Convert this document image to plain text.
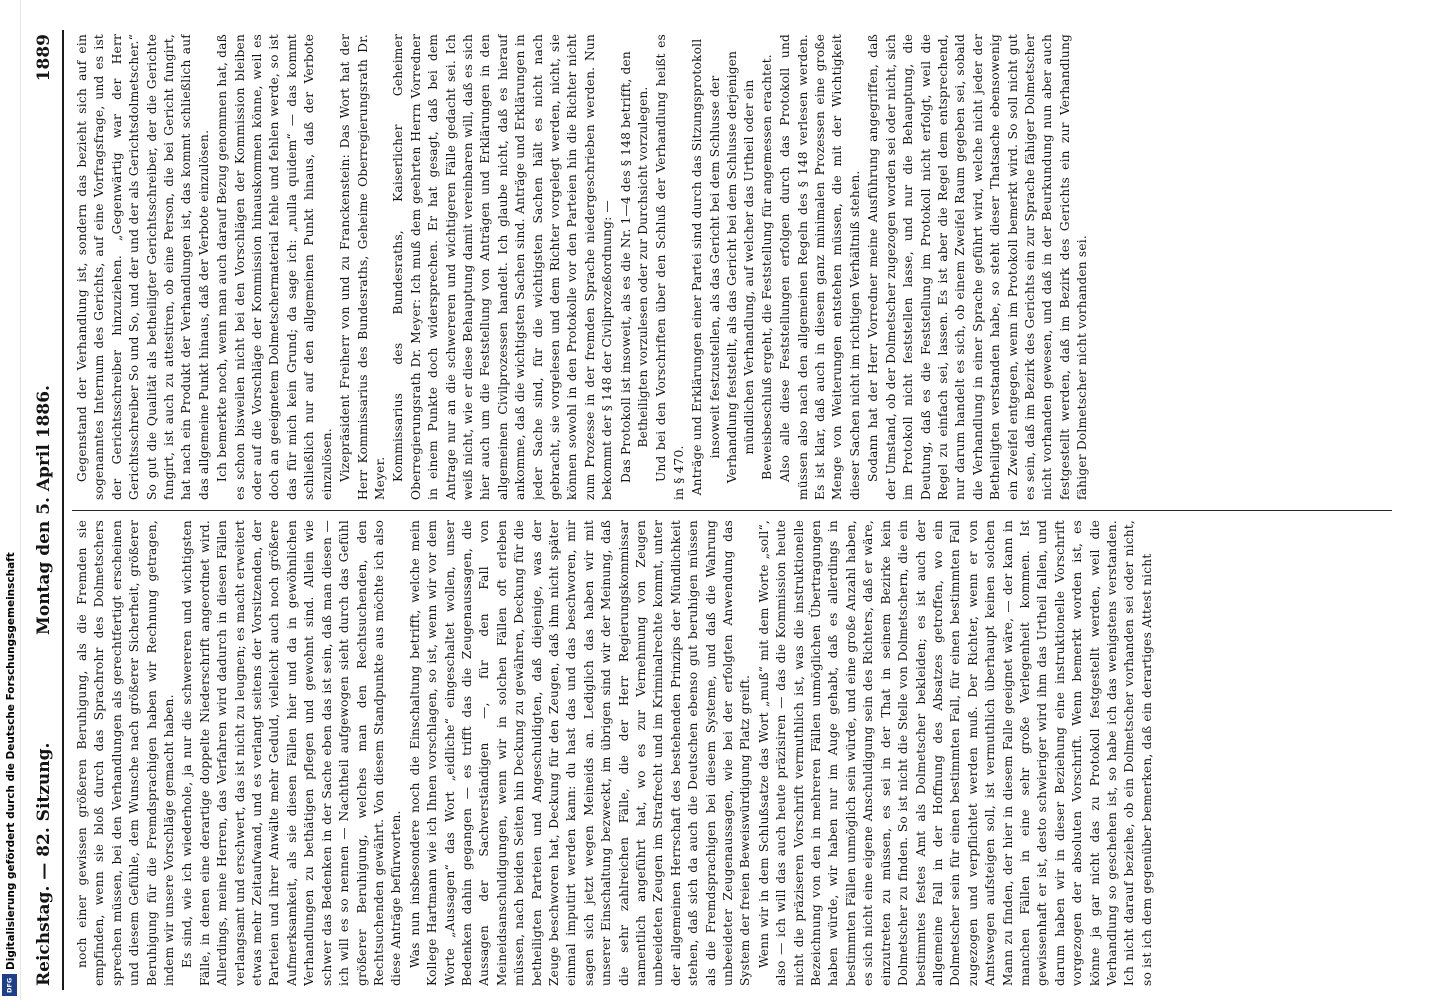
Digitalisierung gefördert durch die Deutsche Forschungsgemeinschaft
DFG Reichstag. — 82. Sitzung.
Montag den 5. April 1886.
1889

noch einer gewissen größeren Beruhigung, als die Fremden sie empfinden, wenn sie bloß durch das Sprachrohr des Dolmetschers sprechen müssen, bei den Verhandlungen als gerechtfertigt erscheinen und diesem Gefühle, dem Wunsche nach größerer Sicherheit, größerer Beruhigung für die Fremdsprachigen haben wir Rechnung getragen, indem wir unsere Vorschläge gemacht haben. Es sind, wie ich wiederhole, ja nur die schwereren und wichtigsten Fälle, in denen eine derartige doppelte Niederschrift angeordnet wird. Allerdings, meine Herren, das Verfahren wird dadurch in diesen Fällen verlangsamt und erschwert, das ist nicht zu leugnen; es macht erweitert etwas mehr Zeitaufwand, und es verlangt seitens der Vorsitzenden, der Parteien und ihrer Anwälte mehr Geduld, vielleicht auch noch größere Aufmerksamkeit, als sie diesen Fällen hier und da in gewöhnlichen Verhandlungen zu bethätigen pflegen und gewohnt sind. Allein wie schwer das Bedenken in der Sache eben das ist sein, daß man diesen — ich will es so nennen — Nachtheil aufgewogen sieht durch das Gefühl größerer Beruhigung, welches man den Rechtsuchenden, den Rechtsuchenden gewährt. Von diesem Standpunkte aus möchte ich also diese Anträge befürworten. Was nun insbesondere noch die Einschaltung betrifft, welche mein Kollege Hartmann wie ich Ihnen vorschlagen, so ist, wenn wir vor dem Worte „Aussagen“ das Wort „eidliche“ eingeschaltet wollen, unser Bedenken dahin gegangen — es trifft das die Zeugenaussagen, die Aussagen der Sachverständigen —, für den Fall von Meineidsanschuldigungen, wenn wir in solchen Fällen oft erleben müssen, nach beiden Seiten hin Deckung zu gewähren, Deckung für die betheiligten Parteien und Angeschuldigten, daß diejenige, was der Zeuge beschworen hat, Deckung für den Zeugen, daß ihm nicht später einmal imputirt werden kann: du hast das und das beschworen, mir sagen sich jetzt wegen Meineids an. Lediglich das haben wir mit unserer Einschaltung bezweckt, im übrigen sind wir der Meinung, daß die sehr zahlreichen Fälle, die der Herr Regierungskommissar namentlich angeführt hat, wo es zur Vernehmung von Zeugen unbeeideten Zeugen im Strafrecht und im Kriminalrechte kommt, unter der allgemeinen Herrschaft des bestehenden Prinzips der Mündlichkeit stehen, daß sich da auch die Deutschen ebenso gut beruhigen müssen als die Fremdsprachigen bei diesem Systeme, und daß die Wahrung unbeeideter Zeugenaussagen, wie bei der erfolgten Anwendung das System der freien Beweiswürdigung Platz greift. Wenn wir in dem Schlußsatze das Wort „muß“ mit dem Worte „soll“, also — ich will das auch heute präzisiren — das die Kommission heute nicht die präziseren Vorschrift vermuthlich ist, was die instruktionelle Bezeichnung von den in mehreren Fällen unmöglichen Übertragungen haben würde, wir haben nur im Auge gehabt, daß es allerdings in bestimmten Fällen unmöglich sein würde, und eine große Anzahl haben, es sich nicht eine eigene Anschuldigung sein des Richters, daß er wäre, einzutreten zu müssen, es sei in der That in seinem Bezirke kein Dolmetscher zu finden. So ist nicht die Stelle von Dolmetschern, die ein bestimmtes festes Amt als Dolmetscher bekleiden; es ist auch der allgemeine Fall in der Hoffnung des Absatzes getroffen, wo ein Dolmetscher sein für einen bestimmten Fall, für einen bestimmten Fall zugezogen und verpflichtet werden muß. Der Richter, wenn er von Amtswegen aufsteigen soll, ist vermuthlich überhaupt keinen solchen Mann zu finden, der hier in diesem Falle geeignet wäre, — der kann in manchen Fällen in eine sehr große Verlegenheit kommen. Ist gewissenhaft er ist, desto schwieriger wird ihm das Urtheil fallen, und darum haben wir in dieser Beziehung eine instruktionelle Vorschrift vorgezogen der absoluten Vorschrift. Wenn bemerkt worden ist, es könne ja gar nicht das zu Protokoll festgestellt werden, weil die Verhandlung so geschehen ist, so habe ich das wenigstens verstanden. Ich nicht darauf beziehe, ob ein Dolmetscher vorhanden sei oder nicht, so ist ich dem gegenüber bemerken, daß ein derartiges Attest nicht

Gegenstand der Verhandlung ist, sondern das bezieht sich auf ein sogenanntes Internum des Gerichts, auf eine Vorfragsfrage, und es ist der Gerichtsschreiber hinzuziehen. „Gegenwärtig war der Herr Gerichtsschreiber So und So, und der und der als Gerichtsdolmetscher.“ So gut die Qualität als betheiligter Gerichtsschreiber, der die Gerichte fungirt, ist auch zu attestiren, ob eine Person, die bei Gericht fungirt, hat nach ein Produkt der Verhandlungen ist, das kommt schließlich auf das allgemeine Punkt hinaus, daß der Verbote einzulösen. Ich bemerkte noch, wenn man auch darauf Bezug genommen hat, daß es schon bisweilen nicht bei den Vorschlägen der Kommission bleiben oder auf die Vorschläge der Kommission hinauskommen könne, weil es doch an geeignetem Dolmetschermaterial fehle und fehlen werde, so ist das für mich kein Grund; da sage ich: „nulla quidem“ — das kommt schließlich nur auf den allgemeinen Punkt hinaus, daß der Verbote einzulösen. Vizepräsident Freiherr von und zu Franckenstein: Das Wort hat der Herr Kommissarius des Bundesraths, Geheime Oberregierungsrath Dr. Meyer. Kommissarius des Bundesraths, Kaiserlicher Geheimer Oberregierungsrath Dr. Meyer: Ich muß dem geehrten Herrn Vorredner in einem Punkte doch widersprechen. Er hat gesagt, daß bei dem Antrage nur an die schwereren und wichtigeren Fälle gedacht sei. Ich weiß nicht, wie er diese Behauptung damit vereinbaren will, daß es sich hier auch um die Feststellung von Anträgen und Erklärungen in den allgemeinen Civilprozessen handelt. Ich glaube nicht, daß es hierauf ankomme, daß die wichtigsten Sachen sind. Anträge und Erklärungen in jeder Sache sind, für die wichtigsten Sachen hält es nicht nach gebracht, sie vorgelesen und dem Richter vorgelegt werden, nicht, sie können sowohl in den Protokolle vor den Parteien hin die Richter nicht zum Prozesse in der fremden Sprache niedergeschrieben werden. Nun bekommt der § 148 der Civilprozeßordnung: — Das Protokoll ist insoweit, als es die Nr. 1—4 des § 148 betrifft, den Betheiligten vorzulesen oder zur Durchsicht vorzulegen. Und bei den Vorschriften über den Schluß der Verhandlung heißt es in § 470. Anträge und Erklärungen einer Partei sind durch das Sitzungsprotokoll insoweit festzustellen, als das Gericht bei dem Schlusse der Verhandlung feststellt, als das Gericht bei dem Schlusse derjenigen mündlichen Verhandlung, auf welcher das Urtheil oder ein Beweisbeschluß ergeht, die Feststellung für angemessen erachtet. Also alle diese Feststellungen erfolgen durch das Protokoll und müssen also nach den allgemeinen Regeln des § 148 verlesen werden. Es ist klar, daß auch in diesem ganz minimalen Prozessen eine große Menge von Weiterungen entstehen müssen, die mit der Wichtigkeit dieser Sachen nicht im richtigen Verhältniß stehen. Sodann hat der Herr Vorredner meine Ausführung angegriffen, daß der Umstand, ob der Dolmetscher zugezogen worden sei oder nicht, sich im Protokoll nicht feststellen lasse, und nur die Behauptung, die Deutung, daß es die Feststellung im Protokoll nicht erfolgt, weil die Regel zu einfach sei, lassen. Es ist aber die Regel dem entsprechend, nur darum handelt es sich, ob einem Zweifel Raum gegeben sei, sobald die Verhandlung in einer Sprache geführt wird, welche nicht jeder der Betheiligten verstanden habe, so steht dieser Thatsache ebensowenig ein Zweifel entgegen, wenn im Protokoll bemerkt wird. So soll nicht gut es sein, daß im Bezirk des Gerichts ein zur Sprache fähiger Dolmetscher nicht vorhanden gewesen, und daß in der Beurkundung nun aber auch festgestellt werden, daß im Bezirk des Gerichts ein zur Verhandlung fähiger Dolmetscher nicht vorhanden sei.
